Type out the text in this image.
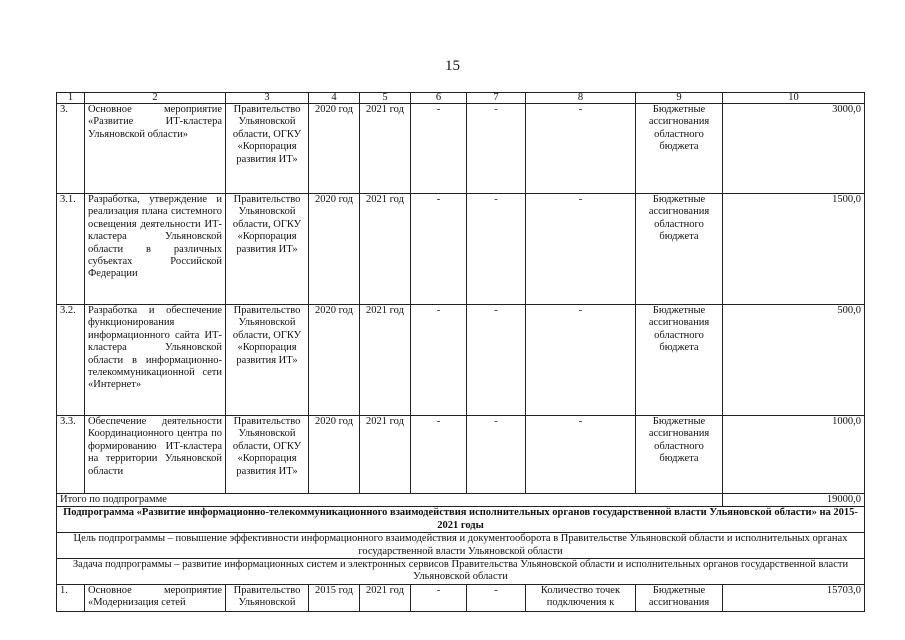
15
1	2	3	4	5	6	7	8	9	10
3.	Основное мероприятие «Развитие ИТ-кластера Ульяновской области»	Правительство Ульяновской области, ОГКУ «Корпорация развития ИТ»	2020 год	2021 год	-	-	-	Бюджетные ассигнования областного бюджета	3000,0
3.1.	Разработка, утверждение и реализация плана системного освещения деятельности ИТ-кластера Ульяновской области в различных субъектах Российской Федерации	Правительство Ульяновской области, ОГКУ «Корпорация развития ИТ»	2020 год	2021 год	-	-	-	Бюджетные ассигнования областного бюджета	1500,0
3.2.	Разработка и обеспечение функционирования информационного сайта ИТ-кластера Ульяновской области в информационно-телекоммуникационной сети «Интернет»	Правительство Ульяновской области, ОГКУ «Корпорация развития ИТ»	2020 год	2021 год	-	-	-	Бюджетные ассигнования областного бюджета	500,0
3.3.	Обеспечение деятельности Координационного центра по формированию ИТ-кластера на территории Ульяновской области	Правительство Ульяновской области, ОГКУ «Корпорация развития ИТ»	2020 год	2021 год	-	-	-	Бюджетные ассигнования областного бюджета	1000,0
Итого по подпрограмме									19000,0
Подпрограмма «Развитие информационно-телекоммуникационного взаимодействия исполнительных органов государственной власти Ульяновской области» на 2015-2021 годы									
Цель подпрограммы – повышение эффективности информационного взаимодействия и документооборота в Правительстве Ульяновской области и исполнительных органах государственной власти Ульяновской области									
Задача подпрограммы – развитие информационных систем и электронных сервисов Правительства Ульяновской области и исполнительных органов государственной власти Ульяновской области									
1.	Основное мероприятие «Модернизация сетей	Правительство Ульяновской	2015 год	2021 год	-	-	Количество точек подключения к	Бюджетные ассигнования	15703,0
